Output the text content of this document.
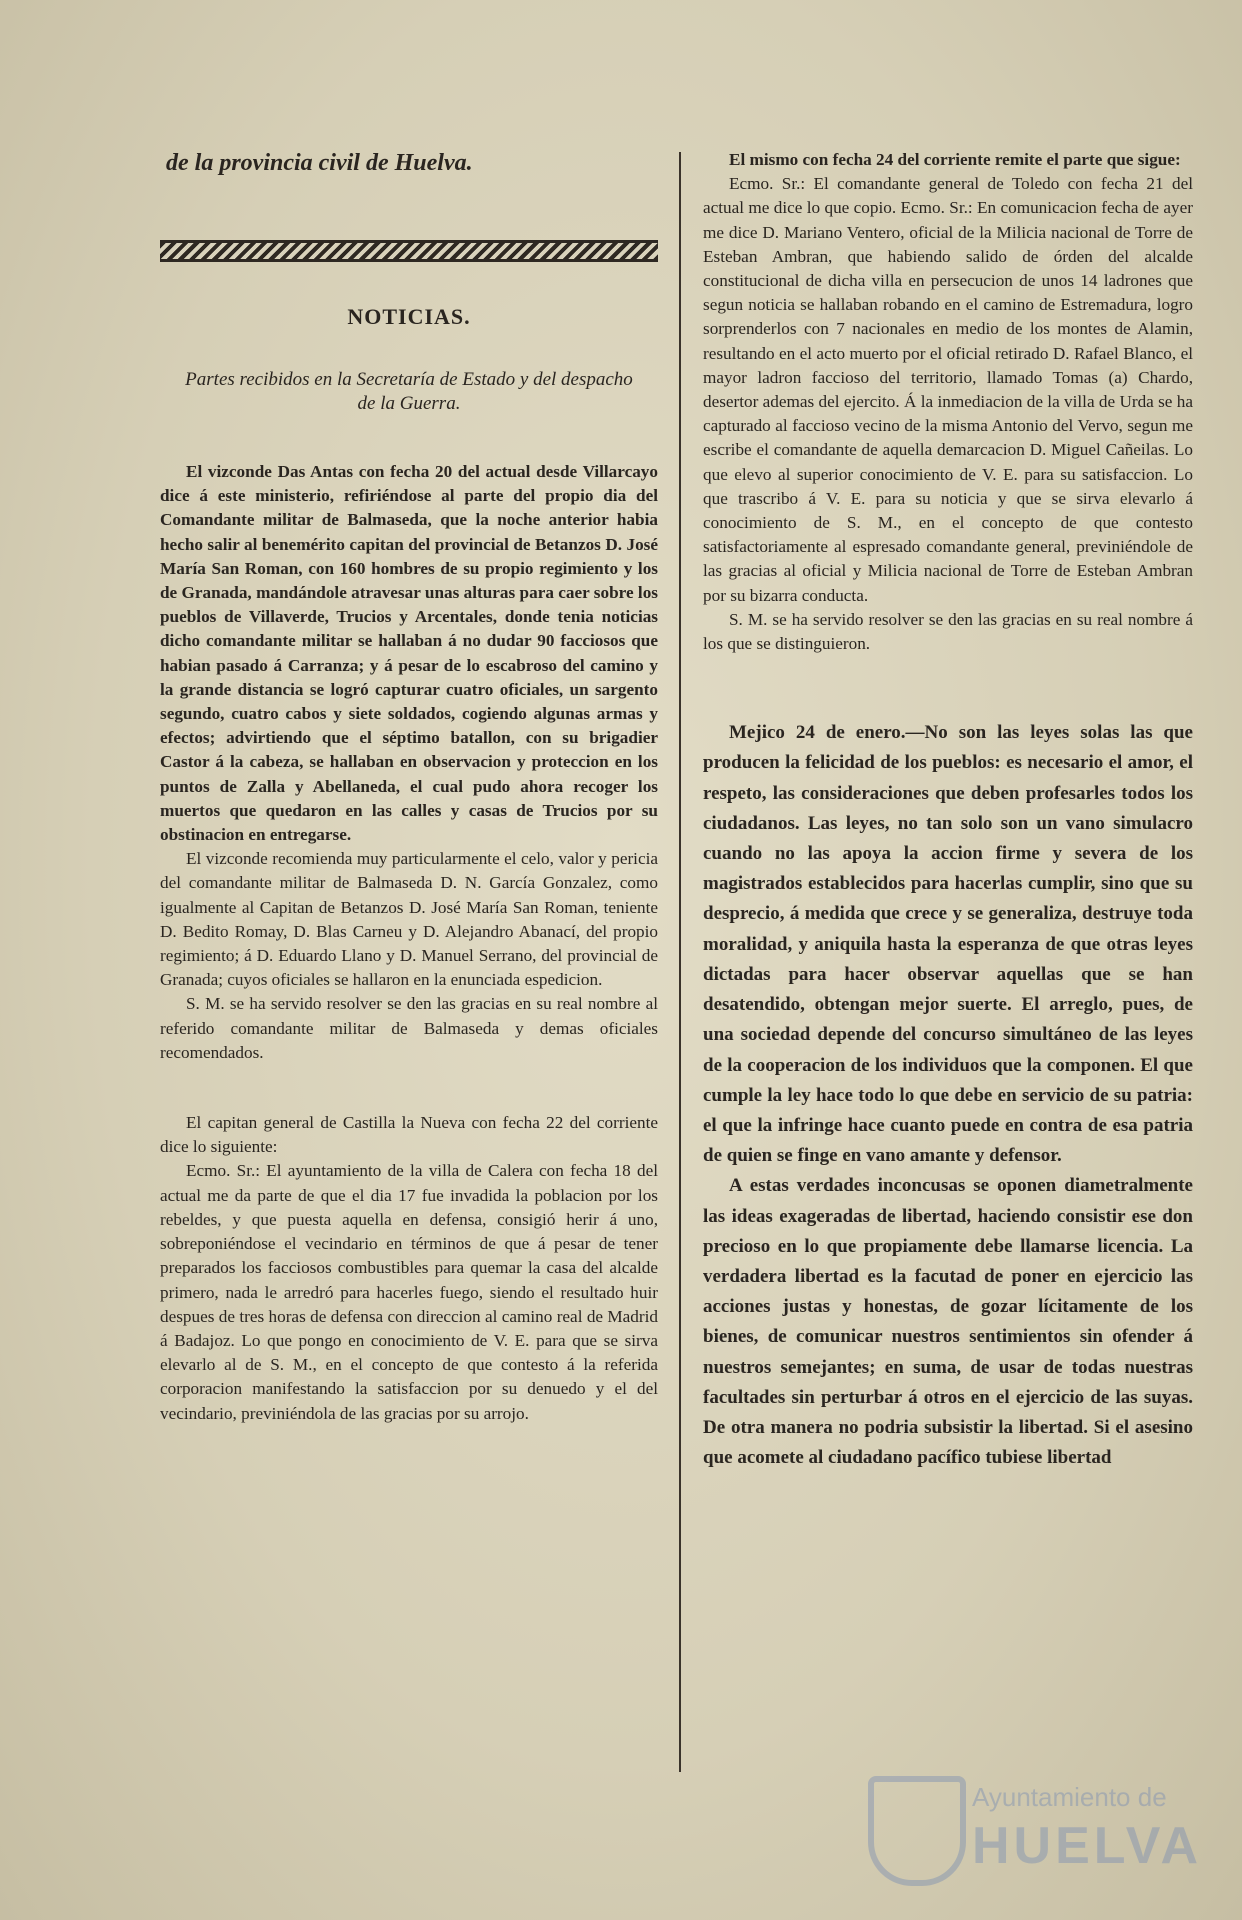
de la provincia civil de Huelva.

NOTICIAS.

Partes recibidos en la Secretaría de Estado y del despacho de la Guerra.

El vizconde Das Antas con fecha 20 del actual desde Villarcayo dice á este ministerio, refiriéndose al parte del propio dia del Comandante militar de Balmaseda, que la noche anterior habia hecho salir al benemérito capitan del provincial de Betanzos D. José María San Roman, con 160 hombres de su propio regimiento y los de Granada, mandándole atravesar unas alturas para caer sobre los pueblos de Villaverde, Trucios y Arcentales, donde tenia noticias dicho comandante militar se hallaban á no dudar 90 facciosos que habian pasado á Carranza; y á pesar de lo escabroso del camino y la grande distancia se logró capturar cuatro oficiales, un sargento segundo, cuatro cabos y siete soldados, cogiendo algunas armas y efectos; advirtiendo que el séptimo batallon, con su brigadier Castor á la cabeza, se hallaban en observacion y proteccion en los puntos de Zalla y Abellaneda, el cual pudo ahora recoger los muertos que quedaron en las calles y casas de Trucios por su obstinacion en entregarse.

El vizconde recomienda muy particularmente el celo, valor y pericia del comandante militar de Balmaseda D. N. García Gonzalez, como igualmente al Capitan de Betanzos D. José María San Roman, teniente D. Bedito Romay, D. Blas Carneu y D. Alejandro Abanací, del propio regimiento; á D. Eduardo Llano y D. Manuel Serrano, del provincial de Granada; cuyos oficiales se hallaron en la enunciada espedicion.

S. M. se ha servido resolver se den las gracias en su real nombre al referido comandante militar de Balmaseda y demas oficiales recomendados.

El capitan general de Castilla la Nueva con fecha 22 del corriente dice lo siguiente:

Ecmo. Sr.: El ayuntamiento de la villa de Calera con fecha 18 del actual me da parte de que el dia 17 fue invadida la poblacion por los rebeldes, y que puesta aquella en defensa, consigió herir á uno, sobreponiéndose el vecindario en términos de que á pesar de tener preparados los facciosos combustibles para quemar la casa del alcalde primero, nada le arredró para hacerles fuego, siendo el resultado huir despues de tres horas de defensa con direccion al camino real de Madrid á Badajoz. Lo que pongo en conocimiento de V. E. para que se sirva elevarlo al de S. M., en el concepto de que contesto á la referida corporacion manifestando la satisfaccion por su denuedo y el del vecindario, previniéndola de las gracias por su arrojo.

El mismo con fecha 24 del corriente remite el parte que sigue:

Ecmo. Sr.: El comandante general de Toledo con fecha 21 del actual me dice lo que copio. Ecmo. Sr.: En comunicacion fecha de ayer me dice D. Mariano Ventero, oficial de la Milicia nacional de Torre de Esteban Ambran, que habiendo salido de órden del alcalde constitucional de dicha villa en persecucion de unos 14 ladrones que segun noticia se hallaban robando en el camino de Estremadura, logro sorprenderlos con 7 nacionales en medio de los montes de Alamin, resultando en el acto muerto por el oficial retirado D. Rafael Blanco, el mayor ladron faccioso del territorio, llamado Tomas (a) Chardo, desertor ademas del ejercito. Á la inmediacion de la villa de Urda se ha capturado al faccioso vecino de la misma Antonio del Vervo, segun me escribe el comandante de aquella demarcacion D. Miguel Cañeilas. Lo que elevo al superior conocimiento de V. E. para su satisfaccion. Lo que trascribo á V. E. para su noticia y que se sirva elevarlo á conocimiento de S. M., en el concepto de que contesto satisfactoriamente al espresado comandante general, previniéndole de las gracias al oficial y Milicia nacional de Torre de Esteban Ambran por su bizarra conducta.

S. M. se ha servido resolver se den las gracias en su real nombre á los que se distinguieron.

Mejico 24 de enero.—No son las leyes solas las que producen la felicidad de los pueblos: es necesario el amor, el respeto, las consideraciones que deben profesarles todos los ciudadanos. Las leyes, no tan solo son un vano simulacro cuando no las apoya la accion firme y severa de los magistrados establecidos para hacerlas cumplir, sino que su desprecio, á medida que crece y se generaliza, destruye toda moralidad, y aniquila hasta la esperanza de que otras leyes dictadas para hacer observar aquellas que se han desatendido, obtengan mejor suerte. El arreglo, pues, de una sociedad depende del concurso simultáneo de las leyes de la cooperacion de los individuos que la componen. El que cumple la ley hace todo lo que debe en servicio de su patria: el que la infringe hace cuanto puede en contra de esa patria de quien se finge en vano amante y defensor.

A estas verdades inconcusas se oponen diametralmente las ideas exageradas de libertad, haciendo consistir ese don precioso en lo que propiamente debe llamarse licencia. La verdadera libertad es la facutad de poner en ejercicio las acciones justas y honestas, de gozar lícitamente de los bienes, de comunicar nuestros sentimientos sin ofender á nuestros semejantes; en suma, de usar de todas nuestras facultades sin perturbar á otros en el ejercicio de las suyas. De otra manera no podria subsistir la libertad. Si el asesino que acomete al ciudadano pacífico tubiese libertad

Ayuntamiento de
HUELVA
